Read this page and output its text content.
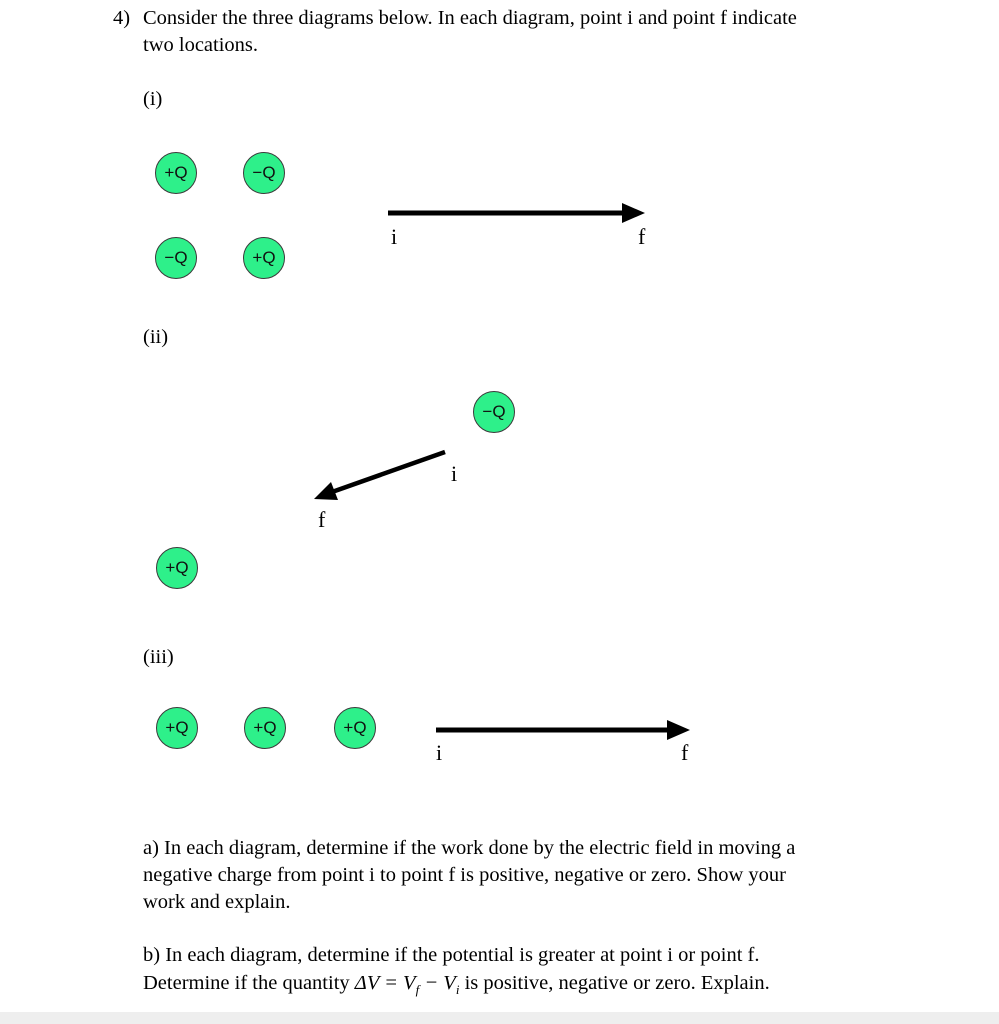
4) Consider the three diagrams below. In each diagram, point i and point f indicate
two locations.
(i)
+Q	−Q
−Q	+Q
i	f
(ii)
−Q
+Q
i
f
(iii)
+Q	+Q	+Q
i	f
a) In each diagram, determine if the work done by the electric field in moving a
negative charge from point i to point f is positive, negative or zero. Show your
work and explain.
b) In each diagram, determine if the potential is greater at point i or point f.
Determine if the quantity $\Delta V = V_f - V_i$ is positive, negative or zero. Explain.
